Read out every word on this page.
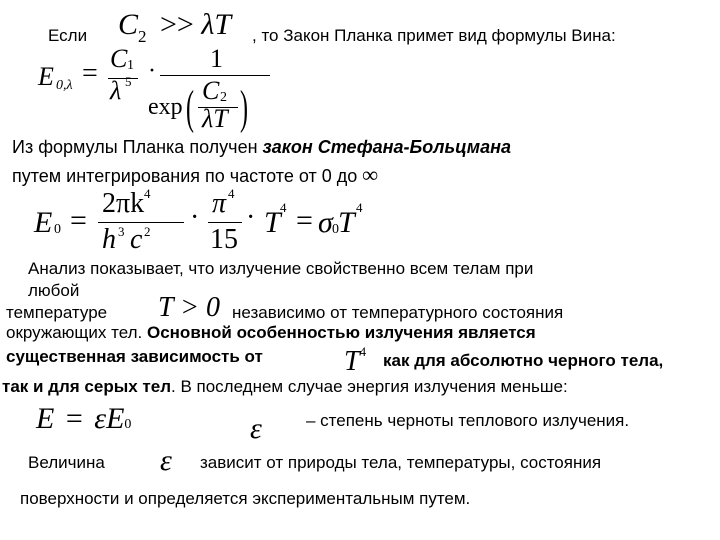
Если $C_2 >> \lambda T$ , то Закон Планка примет вид формулы Вина:
E 0,λ = C 1
λ 5 · 1
exp
C 2
λT
( )
Из формулы Планка получен закон Стефана-Больцмана
путем интегрирования по частоте от 0 до ∞
E 0 =
2πk 4
h 3 c 2 · π 4
15
· T 4 = σ 0 T 4
Анализ показывает, что излучение свойственно всем телам при
любой
температуре T > 0 независимо от температурного состояния
окружающих тел. Основной особенностью излучения является
существенная зависимость от	$T^4$ как для абсолютно черного тела,
так и для серых тел. В последнем случае энергия излучения меньше:
E = εE0	ε	– степень черноты теплового излучения.
Величина ε зависит от природы тела, температуры, состояния
поверхности и определяется экспериментальным путем.
